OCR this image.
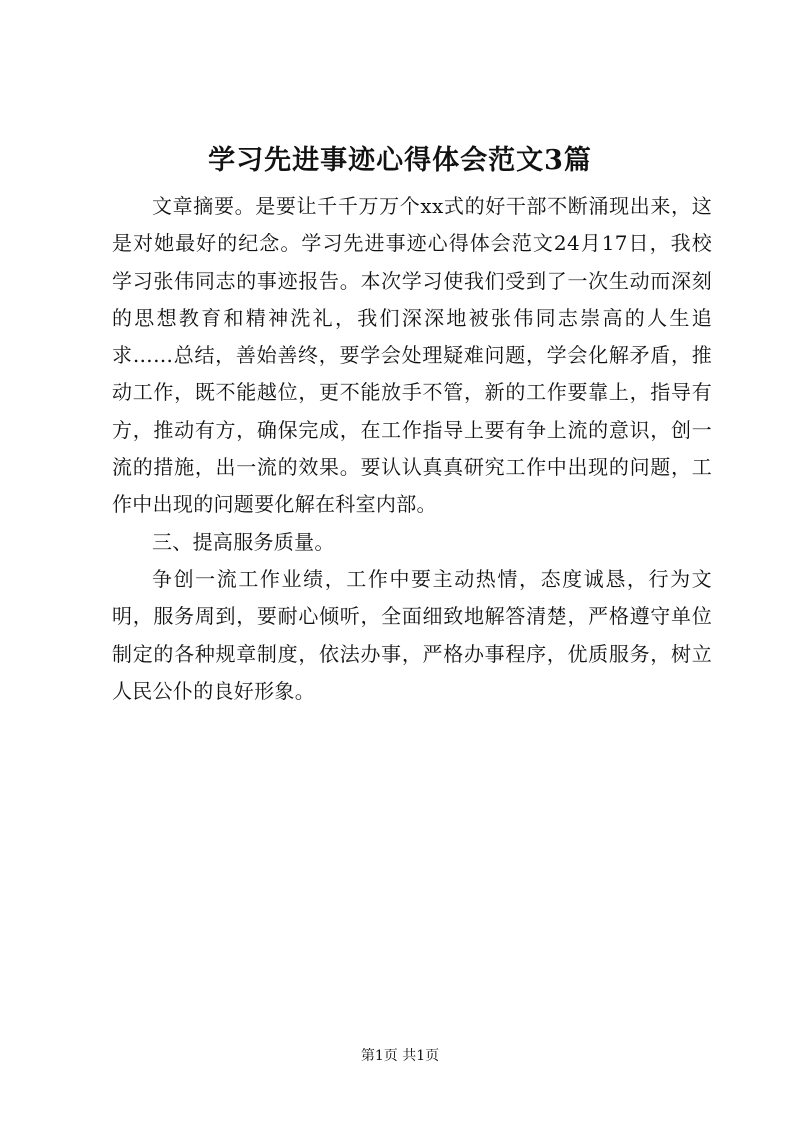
学习先进事迹心得体会范文3篇

文章摘要。是要让千千万万个xx式的好干部不断涌现出来，这是对她最好的纪念。学习先进事迹心得体会范文24月17日，我校学习张伟同志的事迹报告。本次学习使我们受到了一次生动而深刻的思想教育和精神洗礼，我们深深地被张伟同志崇高的人生追求……总结，善始善终，要学会处理疑难问题，学会化解矛盾，推动工作，既不能越位，更不能放手不管，新的工作要靠上，指导有方，推动有方，确保完成，在工作指导上要有争上流的意识，创一流的措施，出一流的效果。要认认真真研究工作中出现的问题，工作中出现的问题要化解在科室内部。

三、提高服务质量。

争创一流工作业绩，工作中要主动热情，态度诚恳，行为文明，服务周到，要耐心倾听，全面细致地解答清楚，严格遵守单位制定的各种规章制度，依法办事，严格办事程序，优质服务，树立人民公仆的良好形象。

第1页 共1页
